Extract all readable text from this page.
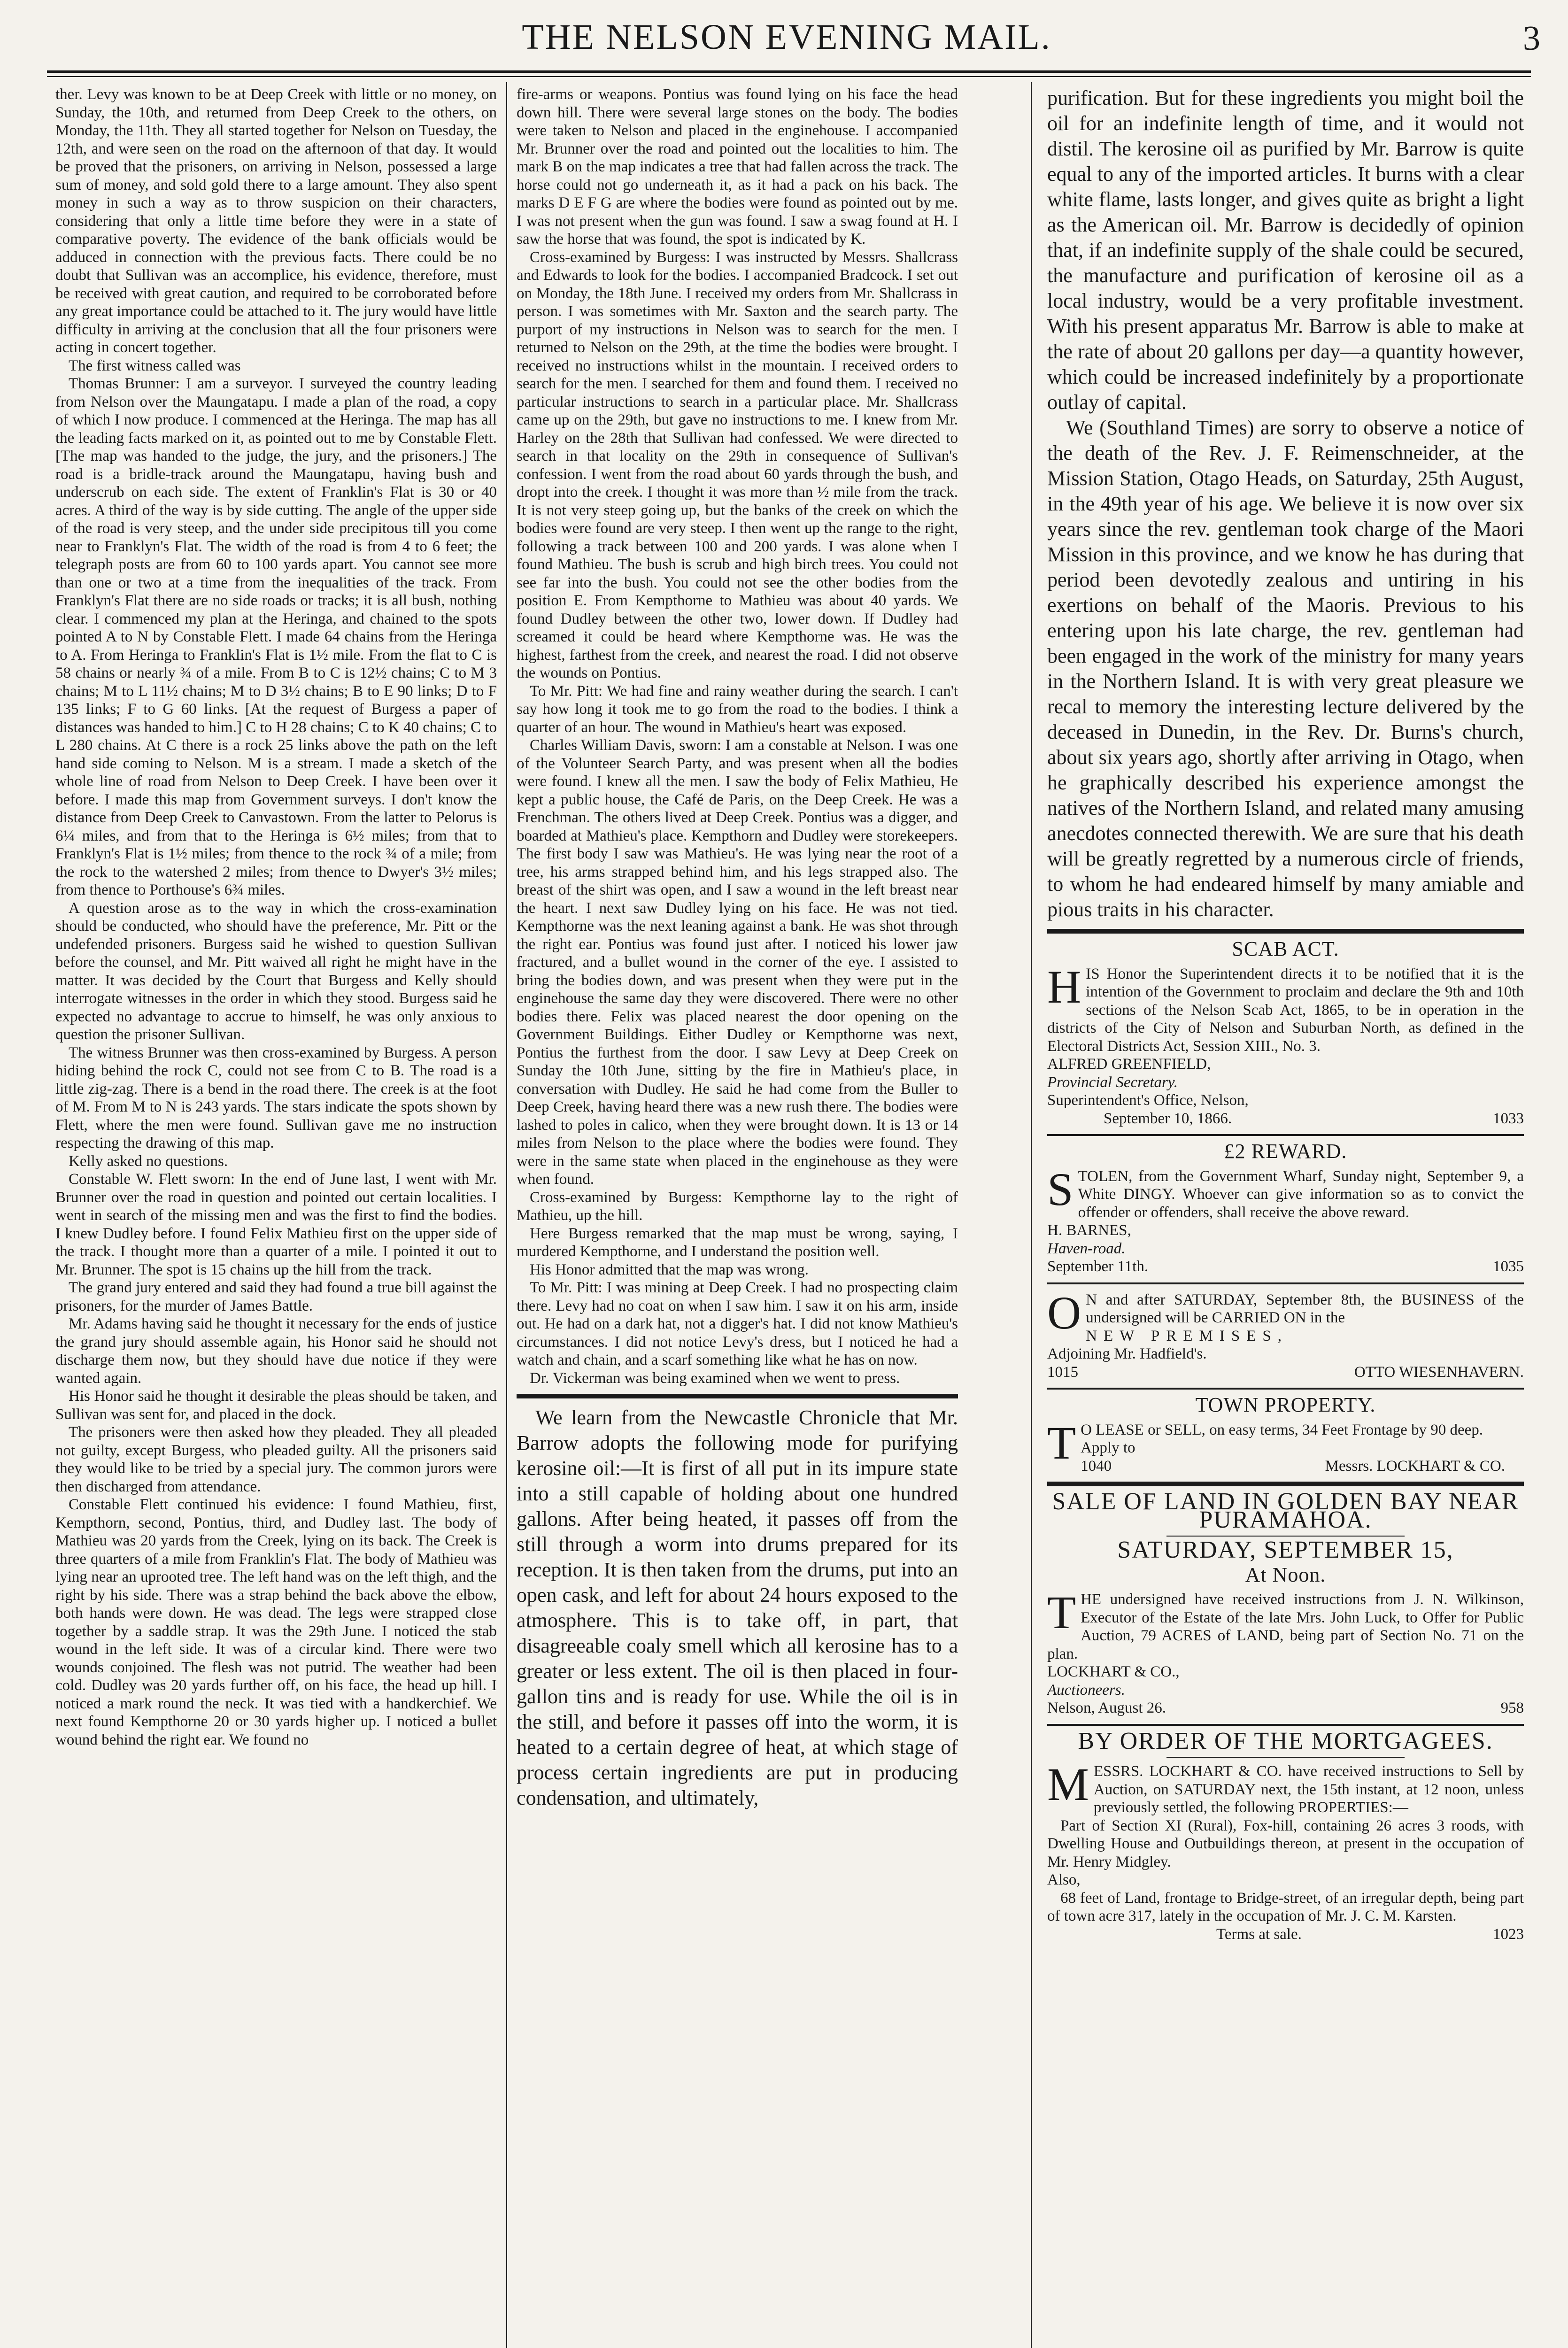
THE NELSON EVENING MAIL.	3

ther. Levy was known to be at Deep Creek with little or no money, on Sunday, the 10th, and returned from Deep Creek to the others, on Monday, the 11th. They all started together for Nelson on Tuesday, the 12th, and were seen on the road on the afternoon of that day. It would be proved that the prisoners, on arriving in Nelson, possessed a large sum of money, and sold gold there to a large amount. They also spent money in such a way as to throw suspicion on their characters, considering that only a little time before they were in a state of comparative poverty. The evidence of the bank officials would be adduced in connection with the previous facts. There could be no doubt that Sullivan was an accomplice, his evidence, therefore, must be received with great caution, and required to be corroborated before any great importance could be attached to it. The jury would have little difficulty in arriving at the conclusion that all the four prisoners were acting in concert together.

The first witness called was

Thomas Brunner: I am a surveyor. I surveyed the country leading from Nelson over the Maungatapu. I made a plan of the road, a copy of which I now produce. I commenced at the Heringa. The map has all the leading facts marked on it, as pointed out to me by Constable Flett. [The map was handed to the judge, the jury, and the prisoners.] The road is a bridle-track around the Maungatapu, having bush and underscrub on each side. The extent of Franklin's Flat is 30 or 40 acres. A third of the way is by side cutting. The angle of the upper side of the road is very steep, and the under side precipitous till you come near to Franklyn's Flat. The width of the road is from 4 to 6 feet; the telegraph posts are from 60 to 100 yards apart. You cannot see more than one or two at a time from the inequalities of the track. From Franklyn's Flat there are no side roads or tracks; it is all bush, nothing clear. I commenced my plan at the Heringa, and chained to the spots pointed A to N by Constable Flett. I made 64 chains from the Heringa to A. From Heringa to Franklin's Flat is 1½ mile. From the flat to C is 58 chains or nearly ¾ of a mile. From B to C is 12½ chains; C to M 3 chains; M to L 11½ chains; M to D 3½ chains; B to E 90 links; D to F 135 links; F to G 60 links. [At the request of Burgess a paper of distances was handed to him.] C to H 28 chains; C to K 40 chains; C to L 280 chains. At C there is a rock 25 links above the path on the left hand side coming to Nelson. M is a stream. I made a sketch of the whole line of road from Nelson to Deep Creek. I have been over it before. I made this map from Government surveys. I don't know the distance from Deep Creek to Canvastown. From the latter to Pelorus is 6¼ miles, and from that to the Heringa is 6½ miles; from that to Franklyn's Flat is 1½ miles; from thence to the rock ¾ of a mile; from the rock to the watershed 2 miles; from thence to Dwyer's 3½ miles; from thence to Porthouse's 6¾ miles.

A question arose as to the way in which the cross-examination should be conducted, who should have the preference, Mr. Pitt or the undefended prisoners. Burgess said he wished to question Sullivan before the counsel, and Mr. Pitt waived all right he might have in the matter. It was decided by the Court that Burgess and Kelly should interrogate witnesses in the order in which they stood. Burgess said he expected no advantage to accrue to himself, he was only anxious to question the prisoner Sullivan.

The witness Brunner was then cross-examined by Burgess. A person hiding behind the rock C, could not see from C to B. The road is a little zig-zag. There is a bend in the road there. The creek is at the foot of M. From M to N is 243 yards. The stars indicate the spots shown by Flett, where the men were found. Sullivan gave me no instruction respecting the drawing of this map.

Kelly asked no questions.

Constable W. Flett sworn: In the end of June last, I went with Mr. Brunner over the road in question and pointed out certain localities. I went in search of the missing men and was the first to find the bodies. I knew Dudley before. I found Felix Mathieu first on the upper side of the track. I thought more than a quarter of a mile. I pointed it out to Mr. Brunner. The spot is 15 chains up the hill from the track.

The grand jury entered and said they had found a true bill against the prisoners, for the murder of James Battle.

Mr. Adams having said he thought it necessary for the ends of justice the grand jury should assemble again, his Honor said he should not discharge them now, but they should have due notice if they were wanted again.

His Honor said he thought it desirable the pleas should be taken, and Sullivan was sent for, and placed in the dock.

The prisoners were then asked how they pleaded. They all pleaded not guilty, except Burgess, who pleaded guilty. All the prisoners said they would like to be tried by a special jury. The common jurors were then discharged from attendance.

Constable Flett continued his evidence: I found Mathieu, first, Kempthorn, second, Pontius, third, and Dudley last. The body of Mathieu was 20 yards from the Creek, lying on its back. The Creek is three quarters of a mile from Franklin's Flat. The body of Mathieu was lying near an uprooted tree. The left hand was on the left thigh, and the right by his side. There was a strap behind the back above the elbow, both hands were down. He was dead. The legs were strapped close together by a saddle strap. It was the 29th June. I noticed the stab wound in the left side. It was of a circular kind. There were two wounds conjoined. The flesh was not putrid. The weather had been cold. Dudley was 20 yards further off, on his face, the head up hill. I noticed a mark round the neck. It was tied with a handkerchief. We next found Kempthorne 20 or 30 yards higher up. I noticed a bullet wound behind the right ear. We found no

fire-arms or weapons. Pontius was found lying on his face the head down hill. There were several large stones on the body. The bodies were taken to Nelson and placed in the enginehouse. I accompanied Mr. Brunner over the road and pointed out the localities to him. The mark B on the map indicates a tree that had fallen across the track. The horse could not go underneath it, as it had a pack on his back. The marks D E F G are where the bodies were found as pointed out by me. I was not present when the gun was found. I saw a swag found at H. I saw the horse that was found, the spot is indicated by K.

Cross-examined by Burgess: I was instructed by Messrs. Shallcrass and Edwards to look for the bodies. I accompanied Bradcock. I set out on Monday, the 18th June. I received my orders from Mr. Shallcrass in person. I was sometimes with Mr. Saxton and the search party. The purport of my instructions in Nelson was to search for the men. I returned to Nelson on the 29th, at the time the bodies were brought. I received no instructions whilst in the mountain. I received orders to search for the men. I searched for them and found them. I received no particular instructions to search in a particular place. Mr. Shallcrass came up on the 29th, but gave no instructions to me. I knew from Mr. Harley on the 28th that Sullivan had confessed. We were directed to search in that locality on the 29th in consequence of Sullivan's confession. I went from the road about 60 yards through the bush, and dropt into the creek. I thought it was more than ½ mile from the track. It is not very steep going up, but the banks of the creek on which the bodies were found are very steep. I then went up the range to the right, following a track between 100 and 200 yards. I was alone when I found Mathieu. The bush is scrub and high birch trees. You could not see far into the bush. You could not see the other bodies from the position E. From Kempthorne to Mathieu was about 40 yards. We found Dudley between the other two, lower down. If Dudley had screamed it could be heard where Kempthorne was. He was the highest, farthest from the creek, and nearest the road. I did not observe the wounds on Pontius.

To Mr. Pitt: We had fine and rainy weather during the search. I can't say how long it took me to go from the road to the bodies. I think a quarter of an hour. The wound in Mathieu's heart was exposed.

Charles William Davis, sworn: I am a constable at Nelson. I was one of the Volunteer Search Party, and was present when all the bodies were found. I knew all the men. I saw the body of Felix Mathieu, He kept a public house, the Café de Paris, on the Deep Creek. He was a Frenchman. The others lived at Deep Creek. Pontius was a digger, and boarded at Mathieu's place. Kempthorn and Dudley were storekeepers. The first body I saw was Mathieu's. He was lying near the root of a tree, his arms strapped behind him, and his legs strapped also. The breast of the shirt was open, and I saw a wound in the left breast near the heart. I next saw Dudley lying on his face. He was not tied. Kempthorne was the next leaning against a bank. He was shot through the right ear. Pontius was found just after. I noticed his lower jaw fractured, and a bullet wound in the corner of the eye. I assisted to bring the bodies down, and was present when they were put in the enginehouse the same day they were discovered. There were no other bodies there. Felix was placed nearest the door opening on the Government Buildings. Either Dudley or Kempthorne was next, Pontius the furthest from the door. I saw Levy at Deep Creek on Sunday the 10th June, sitting by the fire in Mathieu's place, in conversation with Dudley. He said he had come from the Buller to Deep Creek, having heard there was a new rush there. The bodies were lashed to poles in calico, when they were brought down. It is 13 or 14 miles from Nelson to the place where the bodies were found. They were in the same state when placed in the enginehouse as they were when found.

Cross-examined by Burgess: Kempthorne lay to the right of Mathieu, up the hill.

Here Burgess remarked that the map must be wrong, saying, I murdered Kempthorne, and I understand the position well.

His Honor admitted that the map was wrong.

To Mr. Pitt: I was mining at Deep Creek. I had no prospecting claim there. Levy had no coat on when I saw him. I saw it on his arm, inside out. He had on a dark hat, not a digger's hat. I did not know Mathieu's circumstances. I did not notice Levy's dress, but I noticed he had a watch and chain, and a scarf something like what he has on now.

Dr. Vickerman was being examined when we went to press.

We learn from the Newcastle Chronicle that Mr. Barrow adopts the following mode for purifying kerosine oil:—It is first of all put in its impure state into a still capable of holding about one hundred gallons. After being heated, it passes off from the still through a worm into drums prepared for its reception. It is then taken from the drums, put into an open cask, and left for about 24 hours exposed to the atmosphere. This is to take off, in part, that disagreeable coaly smell which all kerosine has to a greater or less extent. The oil is then placed in four-gallon tins and is ready for use. While the oil is in the still, and before it passes off into the worm, it is heated to a certain degree of heat, at which stage of process certain ingredients are put in producing condensation, and ultimately,

purification. But for these ingredients you might boil the oil for an indefinite length of time, and it would not distil. The kerosine oil as purified by Mr. Barrow is quite equal to any of the imported articles. It burns with a clear white flame, lasts longer, and gives quite as bright a light as the American oil. Mr. Barrow is decidedly of opinion that, if an indefinite supply of the shale could be secured, the manufacture and purification of kerosine oil as a local industry, would be a very profitable investment. With his present apparatus Mr. Barrow is able to make at the rate of about 20 gallons per day—a quantity however, which could be increased indefinitely by a proportionate outlay of capital.

We (Southland Times) are sorry to observe a notice of the death of the Rev. J. F. Reimenschneider, at the Mission Station, Otago Heads, on Saturday, 25th August, in the 49th year of his age. We believe it is now over six years since the rev. gentleman took charge of the Maori Mission in this province, and we know he has during that period been devotedly zealous and untiring in his exertions on behalf of the Maoris. Previous to his entering upon his late charge, the rev. gentleman had been engaged in the work of the ministry for many years in the Northern Island. It is with very great pleasure we recal to memory the interesting lecture delivered by the deceased in Dunedin, in the Rev. Dr. Burns's church, about six years ago, shortly after arriving in Otago, when he graphically described his experience amongst the natives of the Northern Island, and related many amusing anecdotes connected therewith. We are sure that his death will be greatly regretted by a numerous circle of friends, to whom he had endeared himself by many amiable and pious traits in his character.

SCAB ACT.

HIS Honor the Superintendent directs it to be notified that it is the intention of the Government to proclaim and declare the 9th and 10th sections of the Nelson Scab Act, 1865, to be in operation in the districts of the City of Nelson and Suburban North, as defined in the Electoral Districts Act, Session XIII., No. 3.

ALFRED GREENFIELD,

Provincial Secretary.

Superintendent's Office, Nelson,

September 10, 1866.	1033
£2 REWARD.

STOLEN, from the Government Wharf, Sunday night, September 9, a White DINGY. Whoever can give information so as to convict the offender or offenders, shall receive the above reward.

H. BARNES,

Haven-road.

September 11th.	1035

O N and after SATURDAY, September 8th, the BUSINESS of the undersigned will be CARRIED ON in the

NEW PREMISES,

Adjoining Mr. Hadfield's.

1015	OTTO WIESENHAVERN.
TOWN PROPERTY.

T O LEASE or SELL, on easy terms, 34 Feet Frontage by 90 deep.

Apply to

1040	Messrs. LOCKHART & CO.
SALE OF LAND IN GOLDEN BAY NEAR PURAMAHOA.
SATURDAY, SEPTEMBER 15,
At Noon.

THE undersigned have received instructions from J. N. Wilkinson, Executor of the Estate of the late Mrs. John Luck, to Offer for Public Auction, 79 ACRES of LAND, being part of Section No. 71 on the plan.

LOCKHART & CO.,

Auctioneers.

Nelson, August 26.	958
BY ORDER OF THE MORTGAGEES.

MESSRS. LOCKHART & CO. have received instructions to Sell by Auction, on SATURDAY next, the 15th instant, at 12 noon, unless previously settled, the following PROPERTIES:—

Part of Section XI (Rural), Fox-hill, containing 26 acres 3 roods, with Dwelling House and Outbuildings thereon, at present in the occupation of Mr. Henry Midgley.

Also,

68 feet of Land, frontage to Bridge-street, of an irregular depth, being part of town acre 317, lately in the occupation of Mr. J. C. M. Karsten.

Terms at sale.	1023
